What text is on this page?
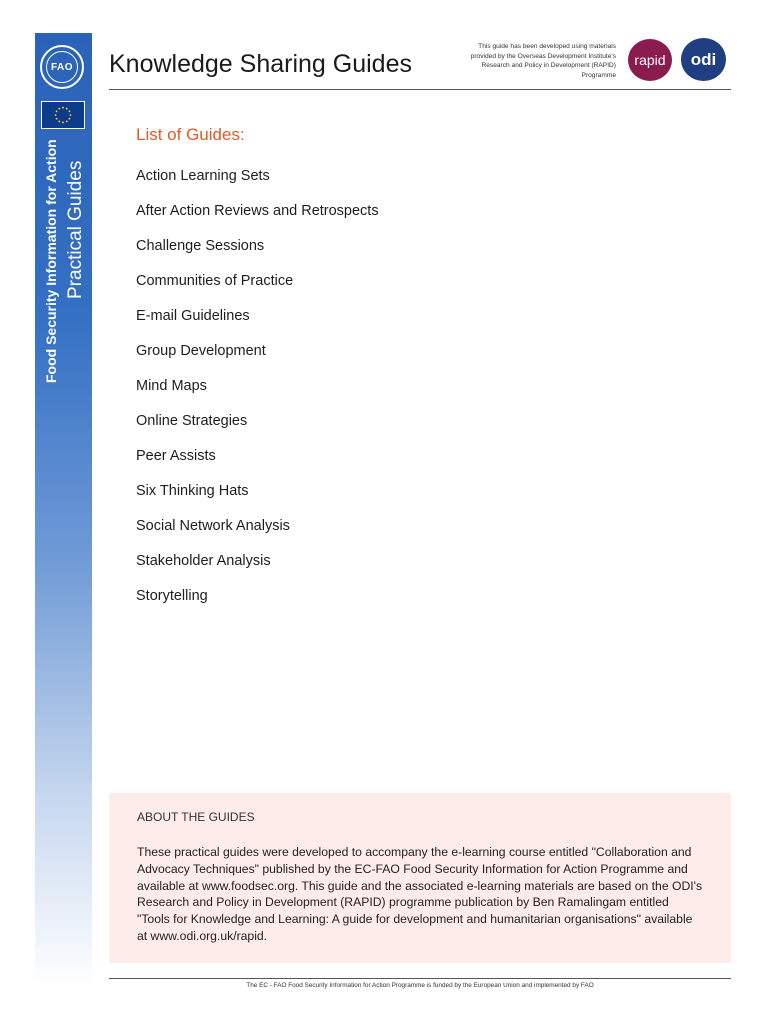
FAO
Food Security Information for Action Practical Guides
Knowledge Sharing Guides
This guide has been developed using materials provided by the Overseas Development Institute's Research and Policy in Development (RAPID) Programme
rapid odi
List of Guides:
Action Learning Sets
After Action Reviews and Retrospects
Challenge Sessions
Communities of Practice
E-mail Guidelines
Group Development
Mind Maps
Online Strategies
Peer Assists
Six Thinking Hats
Social Network Analysis
Stakeholder Analysis
Storytelling

ABOUT THE GUIDES

These practical guides were developed to accompany the e-learning course entitled "Collaboration and Advocacy Techniques" published by the EC-FAO Food Security Information for Action Programme and available at www.foodsec.org. This guide and the associated e-learning materials are based on the ODI's Research and Policy in Development (RAPID) programme publication by Ben Ramalingam entitled "Tools for Knowledge and Learning: A guide for development and humanitarian organisations" available at www.odi.org.uk/rapid.

The EC - FAO Food Security Information for Action Programme is funded by the European Union and implemented by FAO
